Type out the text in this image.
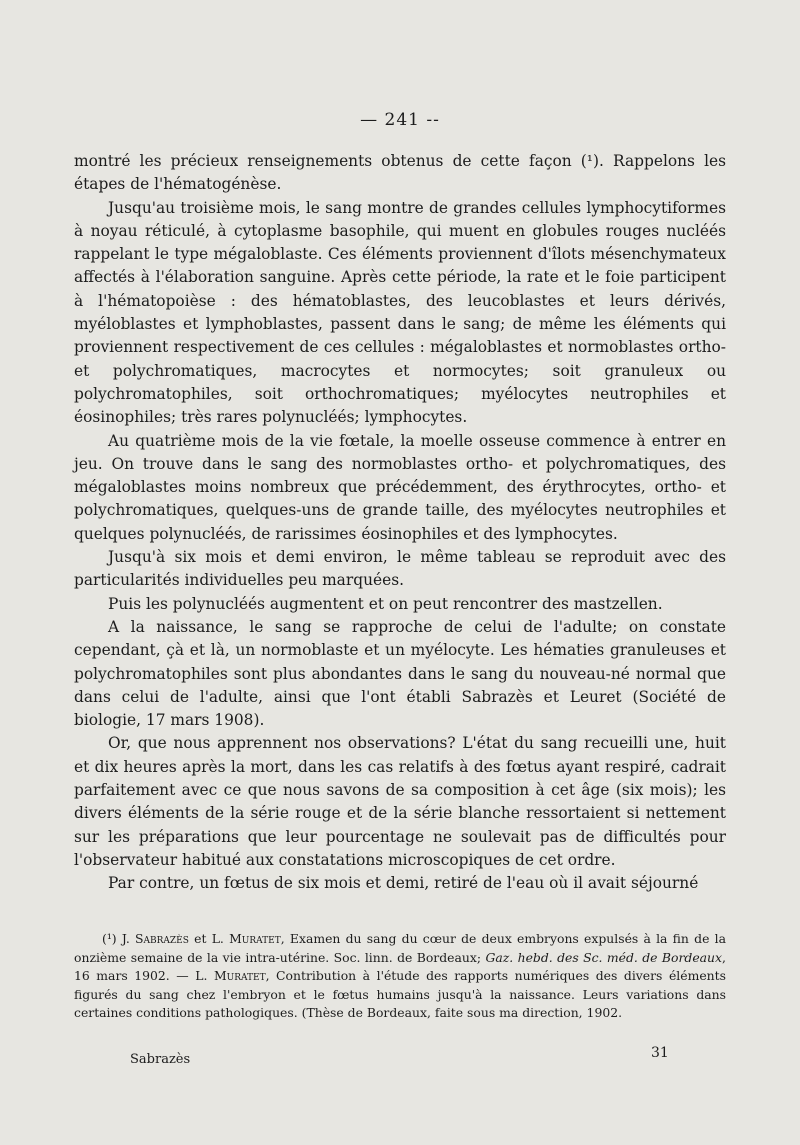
— 241 --

montré les précieux renseignements obtenus de cette façon (¹). Rappelons les étapes de l'hématogénèse.

Jusqu'au troisième mois, le sang montre de grandes cellules lymphocytiformes à noyau réticulé, à cytoplasme basophile, qui muent en globules rouges nucléés rappelant le type mégaloblaste. Ces éléments proviennent d'îlots mésenchymateux affectés à l'élaboration sanguine. Après cette période, la rate et le foie participent à l'hématopoièse : des hématoblastes, des leucoblastes et leurs dérivés, myéloblastes et lymphoblastes, passent dans le sang; de même les éléments qui proviennent respectivement de ces cellules : mégaloblastes et normoblastes ortho- et polychromatiques, macrocytes et normocytes; soit granuleux ou polychromatophiles, soit orthochromatiques; myélocytes neutrophiles et éosinophiles; très rares polynucléés; lymphocytes.

Au quatrième mois de la vie fœtale, la moelle osseuse commence à entrer en jeu. On trouve dans le sang des normoblastes ortho- et polychromatiques, des mégaloblastes moins nombreux que précédemment, des érythrocytes, ortho- et polychromatiques, quelques-uns de grande taille, des myélocytes neutrophiles et quelques polynucléés, de rarissimes éosinophiles et des lymphocytes.

Jusqu'à six mois et demi environ, le même tableau se reproduit avec des particularités individuelles peu marquées.

Puis les polynucléés augmentent et on peut rencontrer des mastzellen.

A la naissance, le sang se rapproche de celui de l'adulte; on constate cependant, çà et là, un normoblaste et un myélocyte. Les hématies granuleuses et polychromatophiles sont plus abondantes dans le sang du nouveau-né normal que dans celui de l'adulte, ainsi que l'ont établi Sabrazès et Leuret (Société de biologie, 17 mars 1908).

Or, que nous apprennent nos observations? L'état du sang recueilli une, huit et dix heures après la mort, dans les cas relatifs à des fœtus ayant respiré, cadrait parfaitement avec ce que nous savons de sa composition à cet âge (six mois); les divers éléments de la série rouge et de la série blanche ressortaient si nettement sur les préparations que leur pourcentage ne soulevait pas de difficultés pour l'observateur habitué aux constatations microscopiques de cet ordre.

Par contre, un fœtus de six mois et demi, retiré de l'eau où il avait séjourné

(¹) J. Sabrazès et L. Muratet, Examen du sang du cœur de deux embryons expulsés à la fin de la onzième semaine de la vie intra-utérine. Soc. linn. de Bordeaux; Gaz. hebd. des Sc. méd. de Bordeaux, 16 mars 1902. — L. Muratet, Contribution à l'étude des rapports numériques des divers éléments figurés du sang chez l'embryon et le fœtus humains jusqu'à la naissance. Leurs variations dans certaines conditions pathologiques. (Thèse de Bordeaux, faite sous ma direction, 1902.

Sabrazès	31
